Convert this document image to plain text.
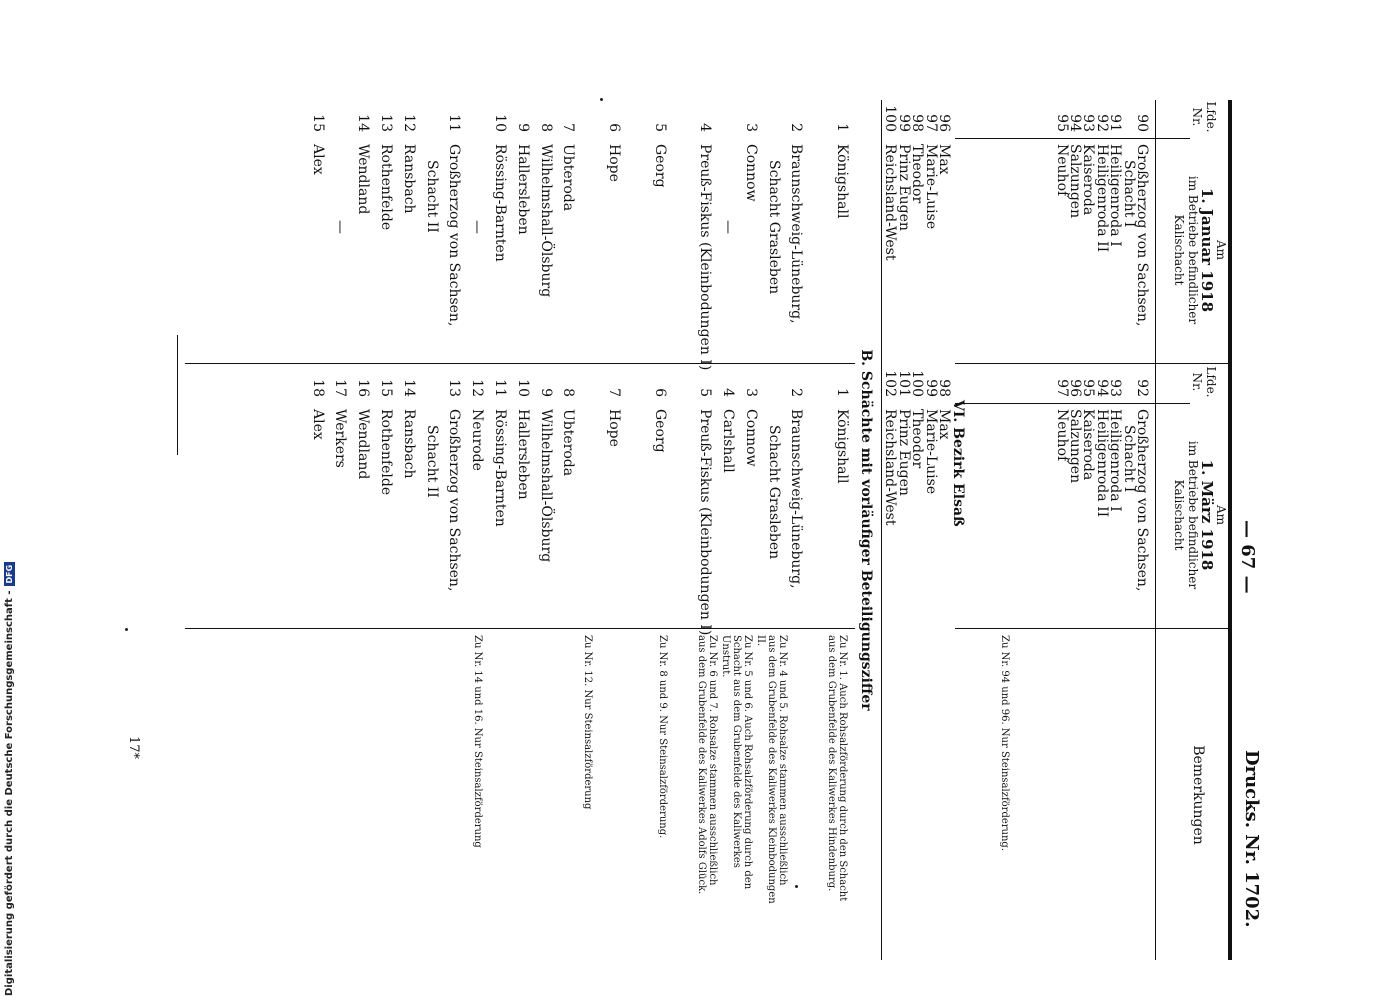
— 67 —
Drucks. Nr. 1702.
Lfde. Nr.
Am
1. Januar 1918
im Betriebe befindlicher Kalischacht
Lfde. Nr.
Am
1. März 1918
im Betriebe befindlicher Kalischacht
Bemerkungen
90
Großherzog von Sachsen,
Schacht I
91
Heiligenroda I
92
Heiligenroda II
93
Kaiseroda
94
Salzungen
95
Neuhof
92
Großherzog von Sachsen,
Schacht I
93
Heiligenroda I
94
Heiligenroda II
95
Kaiseroda
96
Salzungen
97
Neuhof
Zu Nr. 94 und 96. Nur Steinsalzförderung.
VI. Bezirk Elsaß
96
Max
97
Marie-Luise
98
Theodor
99
Prinz Eugen
100
Reichsland-West
98
Max
99
Marie-Luise
100
Theodor
101
Prinz Eugen
102
Reichsland-West
B. Schächte mit vorläufiger Beteiligungsziffer
1
Königshall
2
Braunschweig-Lüneburg,
Schacht Grasleben
3
Connow
—
4
Preuß-Fiskus (Kleinbodungen I)
5
Georg
6
Hope
7
Ubteroda
8
Wilhelmshall-Ölsburg
9
Hallersleben
10
Rössing-Barnten
—
11
Großherzog von Sachsen,
Schacht II
12
Ransbach
13
Rothenfelde
14
Wendland
—
15
Alex
1
Königshall
2
Braunschweig-Lüneburg,
Schacht Grasleben
3
Connow
4
Carlshall
5
Preuß-Fiskus (Kleinbodungen I)
6
Georg
7
Hope
8
Ubteroda
9
Wilhelmshall-Ölsburg
10
Hallersleben
11
Rössing-Barnten
12
Neurode
13
Großherzog von Sachsen,
Schacht II
14
Ransbach
15
Rothenfelde
16
Wendland
17
Werkers
18
Alex
Zu Nr. 1. Auch Rohsalzförderung durch den Schacht aus dem Grubenfelde des Kaliwerkes Hindenburg.
Zu Nr. 4 und 5. Rohsalze stammen ausschließlich aus dem Grubenfelde des Kaliwerkes Kleinbodungen II.
Zu Nr. 5 und 6. Auch Rohsalzförderung durch den Schacht aus dem Grubenfelde des Kaliwerkes Unstrut.
Zu Nr. 6 und 7. Rohsalze stammen ausschließlich aus dem Grubenfelde des Kaliwerkes Adolfs Glück.
Zu Nr. 8 und 9. Nur Steinsalzförderung.
Zu Nr. 12. Nur Steinsalzförderung
Zu Nr. 14 und 16. Nur Steinsalzförderung
17*
Digitalisierung gefördert durch die Deutsche Forschungsgemeinschaft -DFG
